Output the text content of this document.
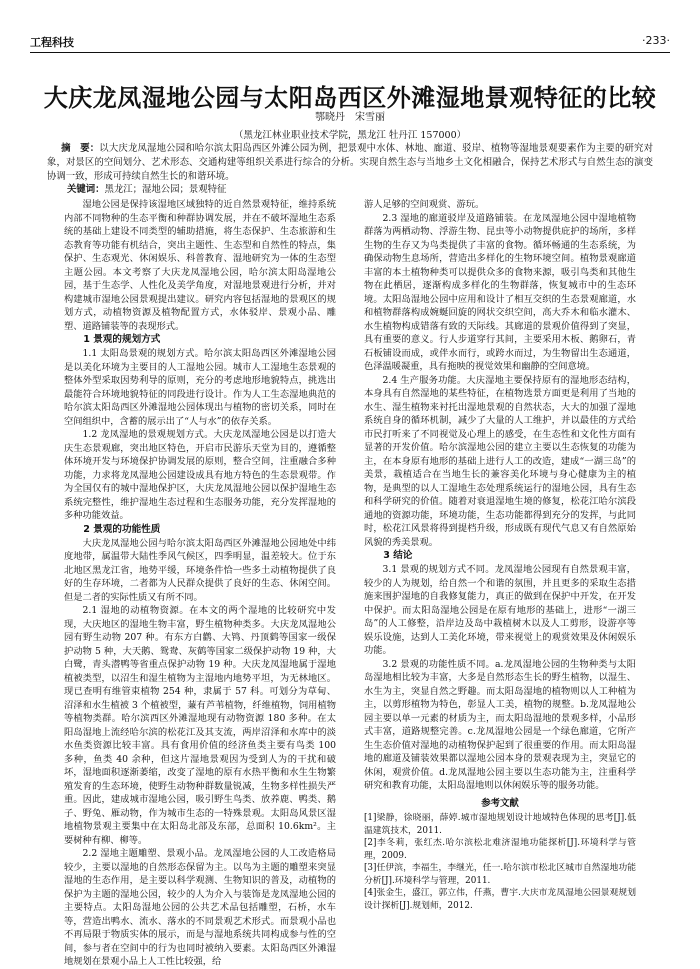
工程科技	·233·
大庆龙凤湿地公园与太阳岛西区外滩湿地景观特征的比较
鄂晓丹　宋雪丽
（黑龙江林业职业技术学院，黑龙江 牡丹江 157000）
摘　要：以大庆龙凤湿地公园和哈尔滨太阳岛西区外滩公园为例，把景观中水体、林地、廊道、驳岸、植物等湿地景观要素作为主要的研究对象，对景区的空间划分、艺术形态、交通构建等组织关系进行综合的分析。实现自然生态与当地乡土文化相融合，保持艺术形式与自然生态的演变协调一致，形成可持续自然生长的和谐环境。
关键词：黑龙江；湿地公园；景观特征

湿地公园是保持该湿地区域独特的近自然景观特征，维持系统内部不同物种的生态平衡和种群协调发展，并在不破坏湿地生态系统的基础上建设不同类型的辅助措施，将生态保护、生态旅游和生态教育等功能有机结合，突出主题性、生态型和自然性的特点，集保护、生态观光、休闲娱乐、科普教育、湿地研究为一体的生态型主题公园。本文考察了大庆龙凤湿地公园，哈尔滨太阳岛湿地公园，基于生态学、人性化及美学角度，对湿地景观进行分析，并对构建城市湿地公园景观提出建议。研究内容包括湿地的景观区的规划方式，动植物资源及植物配置方式，水体驳岸、景观小品、雕塑、道路铺装等的表现形式。

1 景观的规划方式

1.1 太阳岛景观的规划方式。哈尔滨太阳岛西区外滩湿地公园是以美化环境为主要目的人工湿地公园。城市人工湿地生态景观的整体外型采取因势利导的原则，充分的考虑地形地貌特点，挑选出最能符合环境地貌特征的同段进行设计。作为人工生态湿地典范的哈尔滨太阳岛西区外滩湿地公园体现出与植物的密切关系，同时在空间组织中，含蓄的展示出了“人与水”的依存关系。

1.2 龙凤湿地的景观规划方式。大庆龙凤湿地公园是以打造大庆生态景观廊，突出地区特色，开启市民游乐天堂为目的，遵循整体环境开发与环境保护协调发展的原则，整合空间，注重融合多种功能，力求将龙凤湿地公园建设成具有地方特色的生态景观带。作为全国仅有的城中湿地保护区，大庆龙凤湿地公园以保护湿地生态系统完整性，维护湿地生态过程和生态服务功能，充分发挥湿地的多种功能效益。

2 景观的功能性质

大庆龙凤湿地公园与哈尔滨太阳岛西区外滩湿地公园地处中纬度地带，属温带大陆性季风气候区，四季明显，温差较大。位于东北地区黑龙江省，地势平缓，环境条件恰一些多土动植物提供了良好的生存环境，二者都为人民群众提供了良好的生态、休闲空间。但是二者的实际性质又有所不同。

2.1 湿地的动植物资源。在本文的两个湿地的比较研究中发现，大庆地区的湿地生物丰富，野生植物种类多。大庆龙凤湿地公园有野生动物 207 种。有东方白鹳、大鸨、丹顶鹤等国家一级保护动物 5 种，大天鹅、鸳鸯、灰鹤等国家二级保护动物 19 种，大白鹭，青头潜鸭等省重点保护动物 19 种。大庆龙凤湿地属于湿地植被类型，以沼生和湿生植物为主湿地内地势平坦，为无林地区。现已查明有维管束植物 254 种，隶属于 57 科。可划分为草甸、沼泽和水生植被 3 个植被型，蒹有芦苇植物，纤维植物，饲用植物等植物类群。哈尔滨西区外滩湿地现有动物资源 180 多种。在太阳岛湿地上流经哈尔滨的松花江及其支流，两岸沼泽和水库中的淡水鱼类资源比较丰富。具有食用价值的经济鱼类主要有鸟类 100 多种，鱼类 40 余种，但这片湿地景观因为受到人为的干扰和破坏，湿地面积逐渐萎缩，改变了湿地的原有水热平衡和水生生物繁殖发育的生态环境，使野生动物种群数量锐减，生物多样性损失严重。因此，建成城市湿地公园，吸引野生鸟类、放养鹿、鸭类、鹅子、野兔、雁动物，作为城市生态的一特殊景观。太阳岛风景区湿地植物景观主要集中在太阳岛北部及东部，总面积 10.6km²。主要树种有柳、柳等。

2.2 湿地主题雕塑、景观小品。龙凤湿地公园的人工改造格局较少，主要以湿地的自然形态保留为主。以鸟为主题的雕塑来突显湿地的生态作用，是主要以科学观测、生物知识的普及，动植物的保护为主题的湿地公园，较少的人为介入与装饰是龙凤湿地公园的主要特点。太阳岛湿地公园的公共艺术品包括雕塑，石桥，水车等，营造出鸭水、流水、落水的不同景观艺术形式。而景观小品也不再局限于物质实体的展示，而是与湿地系统共同构成参与性的空间，参与者在空间中的行为也同时被纳入要素。太阳岛西区外滩湿地规划在景观小品上人工性比较强，给

游人足够的空间观赏、游玩。

2.3 湿地的廊道驳岸及道路铺装。在龙凤湿地公园中湿地植物群落为两栖动物、浮游生物、昆虫等小动物提供庇护的场所，多样生物的生存又为鸟类提供了丰富的食物。循环畅通的生态系统，为确保动物生息场所，营造出多样化的生物环境空间。植物景观廊道丰富的本土植物种类可以提供众多的食物来源，吸引鸟类和其他生物在此栖居，逐渐构成多样化的生物群落，恢复城市中的生态环境。太阳岛湿地公园中应用和设计了相互交织的生态景观廊道，水和植物群落构成婉蜒回旋的网状交织空间，高大乔木和临水灌木、水生植物构成错落有致的天际线。其廊道的景观价值得到了突显，具有重要的意义。行人步道穿行其间，主要采用木板、鹅卵石，青石板铺设而成，或伴水而行，或跨水而过，为生物留出生态通道，色泽温暖凝重，具有拖映的视觉效果和幽静的空间意境。

2.4 生产服务功能。大庆湿地主要保持原有的湿地形态结构，本身具有自然湿地的某些特征，在植物选景方面更是利用了当地的水生、湿生植物来衬托出湿地景观的自然状态，大大的加强了湿地系统自身的循环机制，减少了大量的人工维护，并以最佳的方式给市民打听来了不同视觉及心理上的感受，在生态性和文化性方面有显著的开发价值。哈尔滨湿地公园的建立主要以生态恢复的功能为主，在本身原有地形的基础上进行人工的改造，建成“一湖三岛”的美景，栽植适合在当地生长的兼容美化环境与身心健康为主的植物，是典型的以人工湿地生态处理系统运行的湿地公园，具有生态和科学研究的价值。随着对衰退湿地生境的修复，松花江哈尔滨段通地的资源功能，环境功能，生态功能都得到充分的发挥，与此同时，松花江风景将得到提档升级，形成既有现代气息又有自然原始风貌的秀美景观。

3 结论

3.1 景观的规划方式不同。龙凤湿地公园现有自然景观丰富，较少的人为规划，给自然一个和谐的氛围，并且更多的采取生态措施来围护湿地的自我修复能力，真正的做到在保护中开发，在开发中保护。而太阳岛湿地公园是在原有地形的基础上，进形“一湖三岛”的人工修整，沿岸边及岛中栽植树木以及人工剪形，设游亭等娱乐设施，达到人工美化环境，带来视觉上的观赏效果及休闲娱乐功能。

3.2 景观的功能性质不同。a.龙凤湿地公园的生物种类与太阳岛湿地相比较为丰富，大多是自然形态生长的野生植物，以湿生、水生为主，突显自然之野趣。而太阳岛湿地的植物则以人工种植为主，以剪形植物为特色，彰显人工美，植物的规整。b.龙凤湿地公园主要以单一元素的材质为主，而太阳岛湿地的景观多样，小品形式丰富，道路规整完善。c.龙凤湿地公园是一个绿色廊道，它所产生生态价值对湿地的动植物保护起到了很重要的作用。而太阳岛湿地的廊道及铺装效果都以湿地公园本身的景观表现为主，突显它的休闲，观赏价值。d.龙凤湿地公园主要以生态功能为主，注重科学研究和教育功能，太阳岛湿地则以休闲娱乐等的服务功能。

参考文献

[1]梁静，徐晓丽，薛婷.城市湿地规划设计地域特色体现的思考[J].低温建筑技术，2011.

[2]李冬莉，张红杰.哈尔滨松北难济湿地功能探析[J].环境科学与管理，2009.

[3]任伊滨，李福生，李继光，任一.哈尔滨市松北区城市自然湿地功能分析[J].环境科学与管理，2011.

[4]张金生，盛江，郭立伟，仟燕，曹宇.大庆市龙凤湿地公园景观规划设计探析[J].规划师，2012.
